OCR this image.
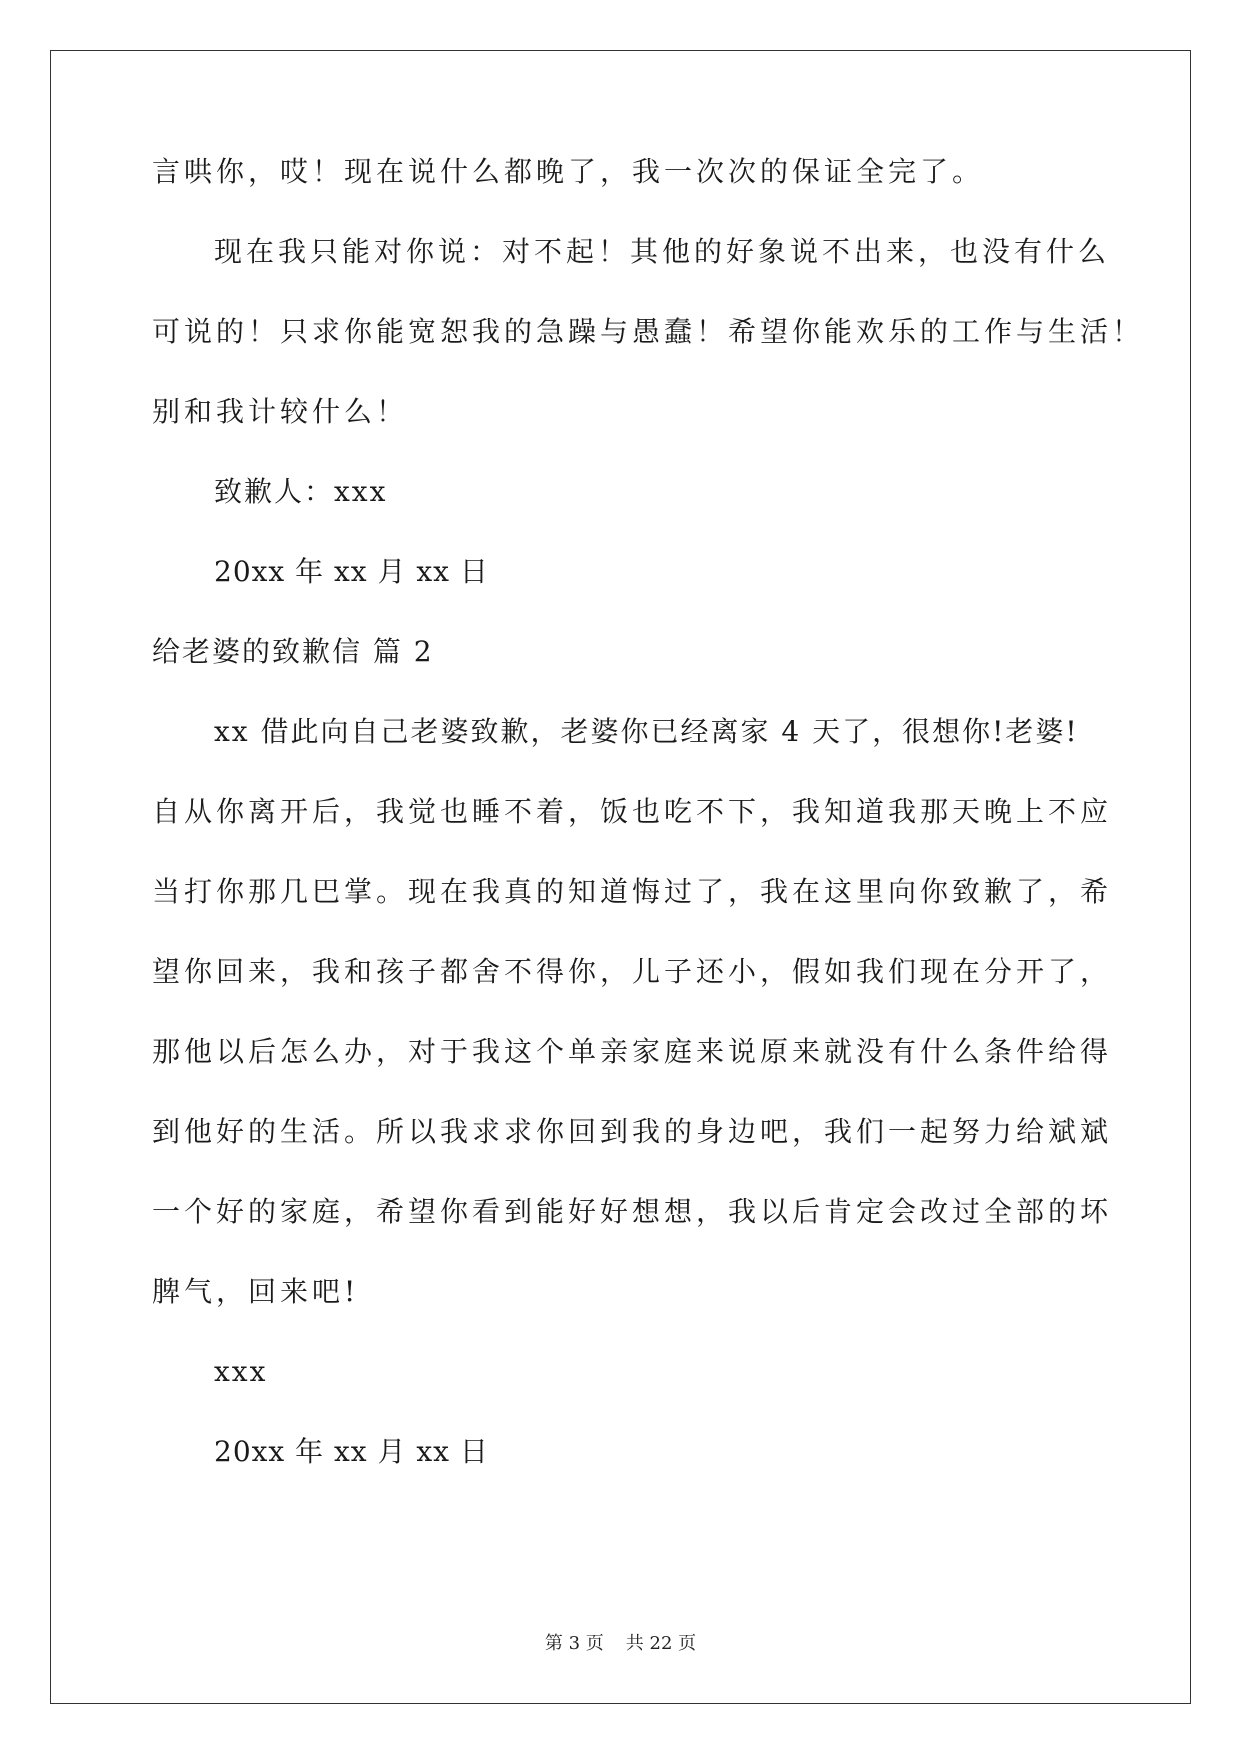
言哄你，哎！现在说什么都晚了，我一次次的保证全完了。
现在我只能对你说：对不起！其他的好象说不出来，也没有什么
可说的！只求你能宽恕我的急躁与愚蠢！希望你能欢乐的工作与生活！
别和我计较什么！
致歉人：xxx
20xx 年 xx 月 xx 日
给老婆的致歉信 篇 2
xx 借此向自己老婆致歉，老婆你已经离家 4 天了，很想你!老婆!
自从你离开后，我觉也睡不着，饭也吃不下，我知道我那天晚上不应
当打你那几巴掌。现在我真的知道悔过了，我在这里向你致歉了，希
望你回来，我和孩子都舍不得你，儿子还小，假如我们现在分开了，
那他以后怎么办，对于我这个单亲家庭来说原来就没有什么条件给得
到他好的生活。所以我求求你回到我的身边吧，我们一起努力给斌斌
一个好的家庭，希望你看到能好好想想，我以后肯定会改过全部的坏
脾气，回来吧!
xxx
20xx 年 xx 月 xx 日
第 3 页 共 22 页
